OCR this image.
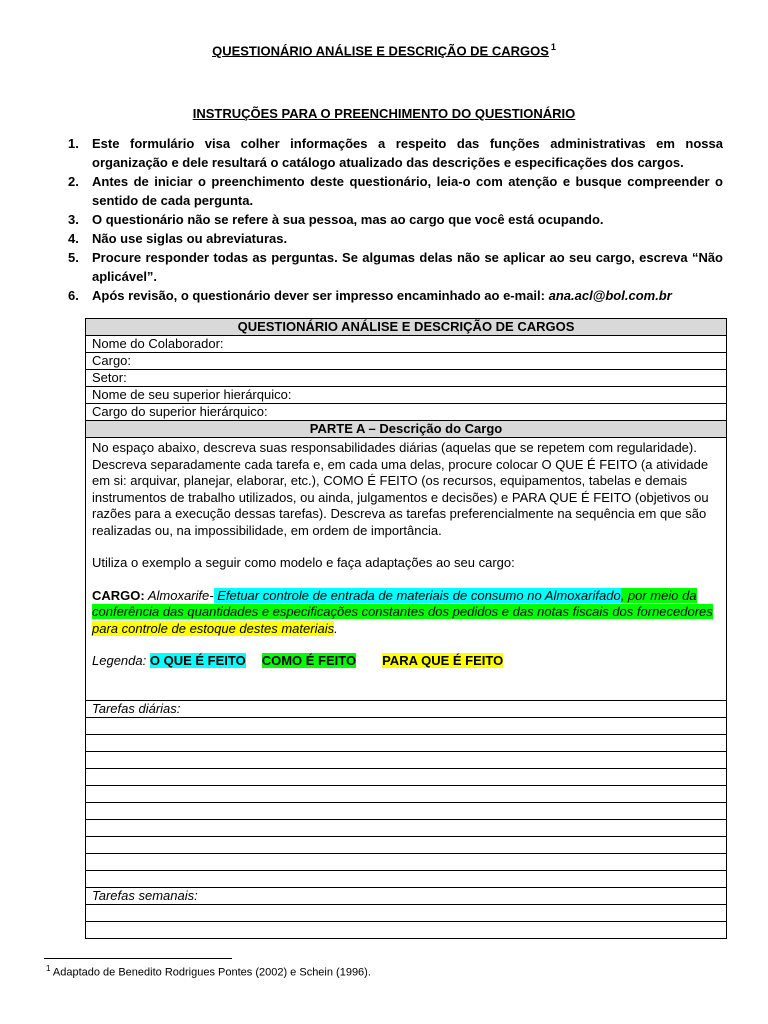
QUESTIONÁRIO ANÁLISE E DESCRIÇÃO DE CARGOS $^1$
INSTRUÇÕES PARA O PREENCHIMENTO DO QUESTIONÁRIO
1. Este formulário visa colher informações a respeito das funções administrativas em nossa organização e dele resultará o catálogo atualizado das descrições e especificações dos cargos.
2. Antes de iniciar o preenchimento deste questionário, leia-o com atenção e busque compreender o sentido de cada pergunta.
3. O questionário não se refere à sua pessoa, mas ao cargo que você está ocupando.
4. Não use siglas ou abreviaturas.
5. Procure responder todas as perguntas. Se algumas delas não se aplicar ao seu cargo, escreva “Não aplicável”.
6. Após revisão, o questionário dever ser impresso encaminhado ao e-mail: ana.acl@bol.com.br
QUESTIONÁRIO ANÁLISE E DESCRIÇÃO DE CARGOS
Nome do Colaborador:
Cargo:
Setor:
Nome de seu superior hierárquico:
Cargo do superior hierárquico:
PARTE A – Descrição do Cargo

No espaço abaixo, descreva suas responsabilidades diárias (aquelas que se repetem com regularidade). Descreva separadamente cada tarefa e, em cada uma delas, procure colocar O QUE É FEITO (a atividade em si: arquivar, planejar, elaborar, etc.), COMO É FEITO (os recursos, equipamentos, tabelas e demais instrumentos de trabalho utilizados, ou ainda, julgamentos e decisões) e PARA QUE É FEITO (objetivos ou razões para a execução dessas tarefas). Descreva as tarefas preferencialmente na sequência em que são realizadas ou, na impossibilidade, em ordem de importância.

Utiliza o exemplo a seguir como modelo e faça adaptações ao seu cargo:

CARGO: Almoxarife- Efetuar controle de entrada de materiais de consumo no Almoxarifado, por meio da conferência das quantidades e especificações constantes dos pedidos e das notas fiscais dos fornecedores para controle de estoque destes materiais.

Legenda: O QUE É FEITO COMO É FEITO PARA QUE É FEITO

Tarefas diárias:

Tarefas semanais:

$^1$ Adaptado de Benedito Rodrigues Pontes (2002) e Schein (1996).
